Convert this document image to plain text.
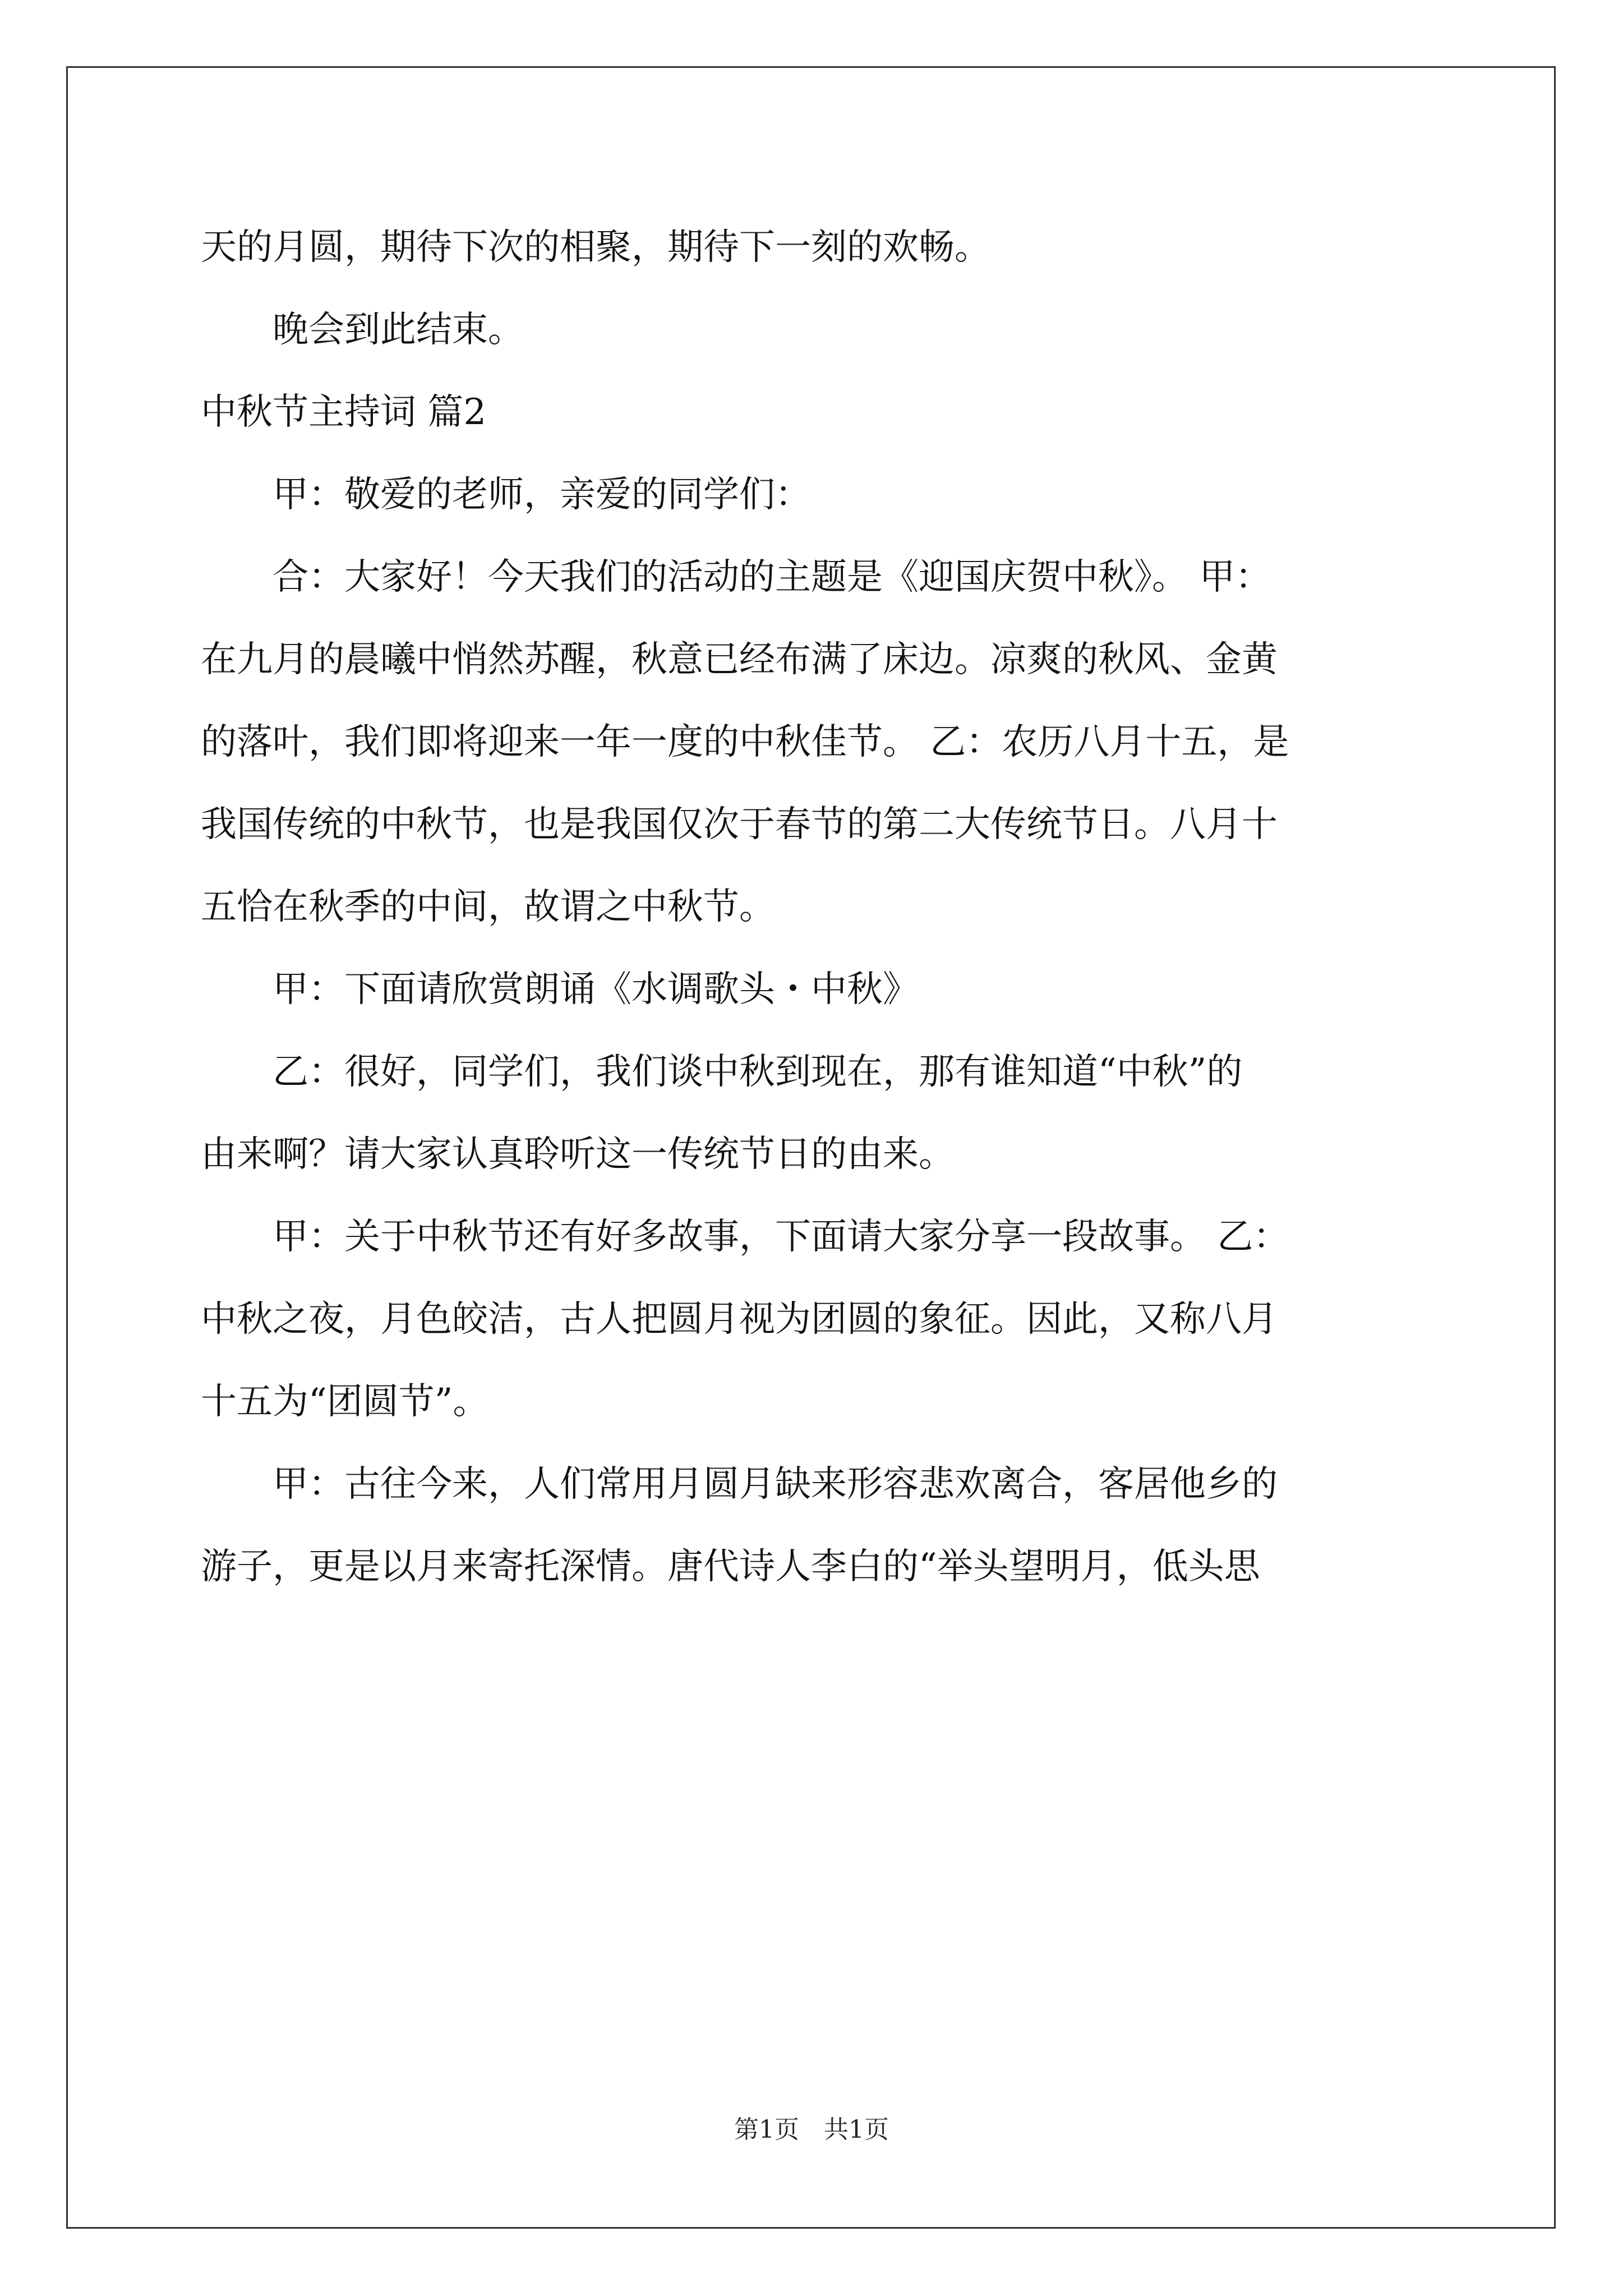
天的月圆，期待下次的相聚，期待下一刻的欢畅。
　　晚会到此结束。
中秋节主持词 篇2
　　甲：敬爱的老师，亲爱的同学们：
　　合：大家好！今天我们的活动的主题是《迎国庆贺中秋》。 甲：
在九月的晨曦中悄然苏醒，秋意已经布满了床边。凉爽的秋风、金黄
的落叶，我们即将迎来一年一度的中秋佳节。 乙：农历八月十五，是
我国传统的中秋节，也是我国仅次于春节的第二大传统节日。八月十
五恰在秋季的中间，故谓之中秋节。
　　甲：下面请欣赏朗诵《水调歌头・中秋》
　　乙：很好，同学们，我们谈中秋到现在，那有谁知道“中秋”的
由来啊？请大家认真聆听这一传统节日的由来。
　　甲：关于中秋节还有好多故事，下面请大家分享一段故事。 乙：
中秋之夜，月色皎洁，古人把圆月视为团圆的象征。因此，又称八月
十五为“团圆节”。
　　甲：古往今来，人们常用月圆月缺来形容悲欢离合，客居他乡的
游子，更是以月来寄托深情。唐代诗人李白的“举头望明月，低头思
第1页　共1页
